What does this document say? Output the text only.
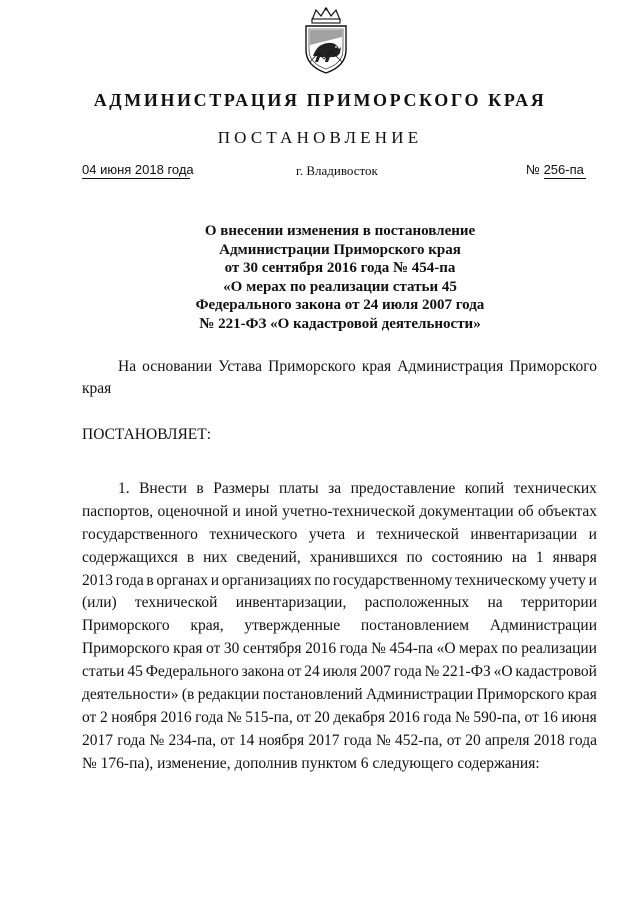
АДМИНИСТРАЦИЯ ПРИМОРСКОГО КРАЯ
ПОСТАНОВЛЕНИЕ
04 июня 2018 года	г. Владивосток	№ 256-па
О внесении изменения в постановление
Администрации Приморского края
от 30 сентября 2016 года № 454-па
«О мерах по реализации статьи 45
Федерального закона от 24 июля 2007 года
№ 221-ФЗ «О кадастровой деятельности»
На основании Устава Приморского края Администрация Приморского края
ПОСТАНОВЛЯЕТ:
1. Внести в Размеры платы за предоставление копий технических
паспортов, оценочной и иной учетно-технической документации об объектах
государственного технического учета и технической инвентаризации и
содержащихся в них сведений, хранившихся по состоянию на 1 января
2013 года в органах и организациях по государственному техническому учету и
(или) технической инвентаризации, расположенных на территории
Приморского края, утвержденные постановлением Администрации
Приморского края от 30 сентября 2016 года № 454-па «О мерах по реализации
статьи 45 Федерального закона от 24 июля 2007 года № 221-ФЗ «О кадастровой
деятельности» (в редакции постановлений Администрации Приморского края
от 2 ноября 2016 года № 515-па, от 20 декабря 2016 года № 590-па, от 16 июня
2017 года № 234-па, от 14 ноября 2017 года № 452-па, от 20 апреля 2018 года
№ 176-па), изменение, дополнив пунктом 6 следующего содержания:
